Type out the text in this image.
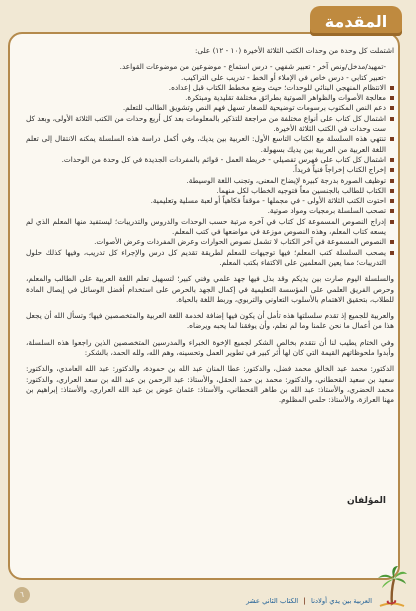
المقدمة

اشتملت كل وحدة من وحدات الكتب الثلاثة الأخيرة (١٠ - ١٢) على:

-تمهيد/مدخل/ونص آخر - تعبير شفهي - درس استماع - موضوعين من موضوعات القواعد.
-تعبير كتابي - درس خاص في الإملاء أو الخط - تدريب على التراكيب.
الانتظام المنهجي البنائي للوحدات؛ حيث وضع مخطط الكتاب قبل إعداده.
معالجة الأصوات والظواهر الصوتية بطرائق مختلفة تقليدية ومبتكرة.
دعم النص المكتوب برسومات توضيحية للصغار تسهل فهم النص وتشويق الطالب للتعلم.
اشتمال كل كتاب على أنواع مختلفة من مراجعة للتذكير بالمعلومات بعد كل أربع وحدات من الكتب الثلاثة الأولى، وبعد كل ست وحدات في الكتب الثلاثة الأخيرة.
تنتهي هذه السلسلة مع الكتاب التاسع الأول: العربية بين يديك، وفي أكمل دراسة هذه السلسلة يمكنه الانتقال إلى تعلم اللغة العربية من العربية بين يديك بسهولة.
اشتمال كل كتاب على فهرس تفصيلي - خريطة العمل - قوائم بالمفردات الجديدة في كل وحدة من الوحدات.
إخراج الكتاب إخراجاً فنياً فريداً.
توظيف الصورة بدرجة كبيرة لإيضاح المعنى، وتجنب اللغة الوسيطة.
الكتاب للطالب بالجنسين معاً فتوجيه الخطاب لكل منهما.
احتوت الكتب الثلاثة الأولى - في مجملها - موقفاً فكاهياً أو لعبة مسلية وتعليمية.
تصحب السلسلة برمجيات ومواد صوتية.
إدراج النصوص المسموعة كل كتاب في آخره مرتبة حسب الوحدات والدروس والتدريبات؛ ليستفيد منها المعلم الذي لم يسعه كتاب المعلم، وهذه النصوص موزعة في مواضعها في كتب المعلم.
النصوص المسموعة في آخر الكتاب لا تشمل نصوص الحوارات وعرض المفردات وعرض الأصوات.
يصحب السلسلة كتب المعلم؛ فيها توجيهات للمعلم لطريقة تقديم كل درس والإجراء كل تدريب، وفيها كذلك حلول التدريبات؛ مما يعين المعلمين على الاكتفاء بكتب المعلم.

والسلسلة اليوم صارت بين يديكم وقد بذل فيها جهد علمي وفني كبير؛ لتسهيل تعلم اللغة العربية على الطالب والمعلم، وحرص الفريق العلمي على المؤسسة التعليمية في إكمال الجهد بالحرص على استخدام أفضل الوسائل في إيصال المادة للطلاب، بتحقيق الاهتمام بالأسلوب التعاوني والتربوي، وربط اللغة بالحياة.

والعربية للجميع إذ تقدم سلسلتها هذه تأمل أن يكون فيها إضافة لخدمة اللغة العربية والمتخصصين فيها؛ وتسأل الله أن يجعل هذا من أعمال ما نحن علمنا وما لم نعلم، وأن يوفقنا لما يحبه ويرضاه.

وفي الختام يطيب لنا أن نتقدم بخالص الشكر لجميع الإخوة الخبراء والمدرسين المتخصصين الذين راجعوا هذه السلسلة، وأبدوا ملحوظاتهم القيمة التي كان لها أثر كبير في تطوير العمل وتحسينه، وهم الله، ولله الحمد، بالشكر:

الدكتور: محمد عبد الخالق محمد فضل، والدكتور: عطا المنان عبد الله بن حمودة، والدكتور: عبد الله العامدي، والدكتور: سعيد بن سعيد القحطاني، والدكتور: محمد بن حمد الحقل، والأستاذ: عبد الرحمن بن عبد الله بن سعد العراري، والدكتور: محمد الحضري، والأستاذ: عبد الله بن طاهر القحطاني، والأستاذ: عثمان عوض بن عبد الله العراري، والأستاذ: إبراهيم بن مهنا العرازة، والأستاذ: حلمي المظلوم.

المؤلفان
العربية بين يدي أولادنا | الكتاب الثاني عشر	ب
٦
